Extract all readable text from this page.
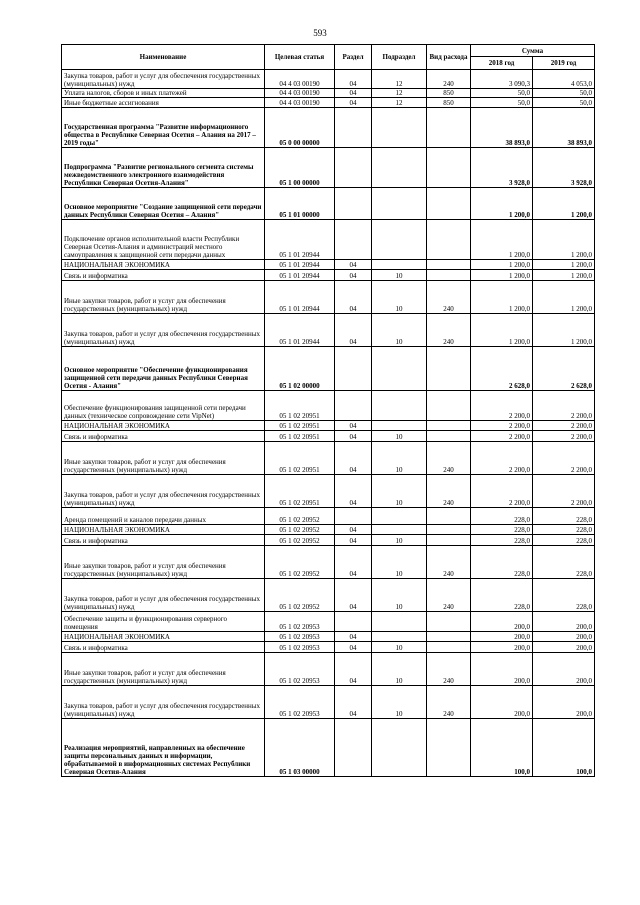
593
Наименование	Целевая статья	Раздел	Подраздел	Вид расхода	Сумма	
					2018 год	2019 год
Закупка товаров, работ и услуг для обеспечения государственных (муниципальных) нужд	04 4 03 00190	04	12	240	3 090,3	4 053,0
Уплата налогов, сборов и иных платежей	04 4 03 00190	04	12	850	50,0	50,0
Иные бюджетные ассигнования	04 4 03 00190	04	12	850	50,0	50,0
Государственная программа "Развитие информационного общества в Республике Северная Осетия – Алания на 2017 – 2019 годы"	05 0 00 00000				38 893,0	38 893,0
Подпрограмма "Развитие регионального сегмента системы межведомственного электронного взаимодействия Республики Северная Осетия-Алания"	05 1 00 00000				3 928,0	3 928,0
Основное мероприятие "Создание защищенной сети передачи данных Республики Северная Осетия – Алания"	05 1 01 00000				1 200,0	1 200,0
Подключение органов исполнительной власти Республики Северная Осетия-Алания и администраций местного самоуправления к защищенной сети передачи данных	05 1 01 20944				1 200,0	1 200,0
НАЦИОНАЛЬНАЯ ЭКОНОМИКА	05 1 01 20944	04			1 200,0	1 200,0
Связь и информатика	05 1 01 20944	04	10		1 200,0	1 200,0
Иные закупки товаров, работ и услуг для обеспечения государственных (муниципальных) нужд	05 1 01 20944	04	10	240	1 200,0	1 200,0
Закупка товаров, работ и услуг для обеспечения государственных (муниципальных) нужд	05 1 01 20944	04	10	240	1 200,0	1 200,0
Основное мероприятие "Обеспечение функционирования защищенной сети передачи данных Республики Северная Осетия - Алания"	05 1 02 00000				2 628,0	2 628,0
Обеспечение функционирования защищенной сети передачи данных (техническое сопровождение сети VipNet)	05 1 02 20951				2 200,0	2 200,0
НАЦИОНАЛЬНАЯ ЭКОНОМИКА	05 1 02 20951	04			2 200,0	2 200,0
Связь и информатика	05 1 02 20951	04	10		2 200,0	2 200,0
Иные закупки товаров, работ и услуг для обеспечения государственных (муниципальных) нужд	05 1 02 20951	04	10	240	2 200,0	2 200,0
Закупка товаров, работ и услуг для обеспечения государственных (муниципальных) нужд	05 1 02 20951	04	10	240	2 200,0	2 200,0
Аренда помещений и каналов передачи данных	05 1 02 20952				228,0	228,0
НАЦИОНАЛЬНАЯ ЭКОНОМИКА	05 1 02 20952	04			228,0	228,0
Связь и информатика	05 1 02 20952	04	10		228,0	228,0
Иные закупки товаров, работ и услуг для обеспечения государственных (муниципальных) нужд	05 1 02 20952	04	10	240	228,0	228,0
Закупка товаров, работ и услуг для обеспечения государственных (муниципальных) нужд	05 1 02 20952	04	10	240	228,0	228,0
Обеспечение защиты и функционирования серверного помещения	05 1 02 20953				200,0	200,0
НАЦИОНАЛЬНАЯ ЭКОНОМИКА	05 1 02 20953	04			200,0	200,0
Связь и информатика	05 1 02 20953	04	10		200,0	200,0
Иные закупки товаров, работ и услуг для обеспечения государственных (муниципальных) нужд	05 1 02 20953	04	10	240	200,0	200,0
Закупка товаров, работ и услуг для обеспечения государственных (муниципальных) нужд	05 1 02 20953	04	10	240	200,0	200,0
Реализация мероприятий, направленных на обеспечение защиты персональных данных и информации, обрабатываемой в информационных системах Республики Северная Осетия-Алания	05 1 03 00000				100,0	100,0
